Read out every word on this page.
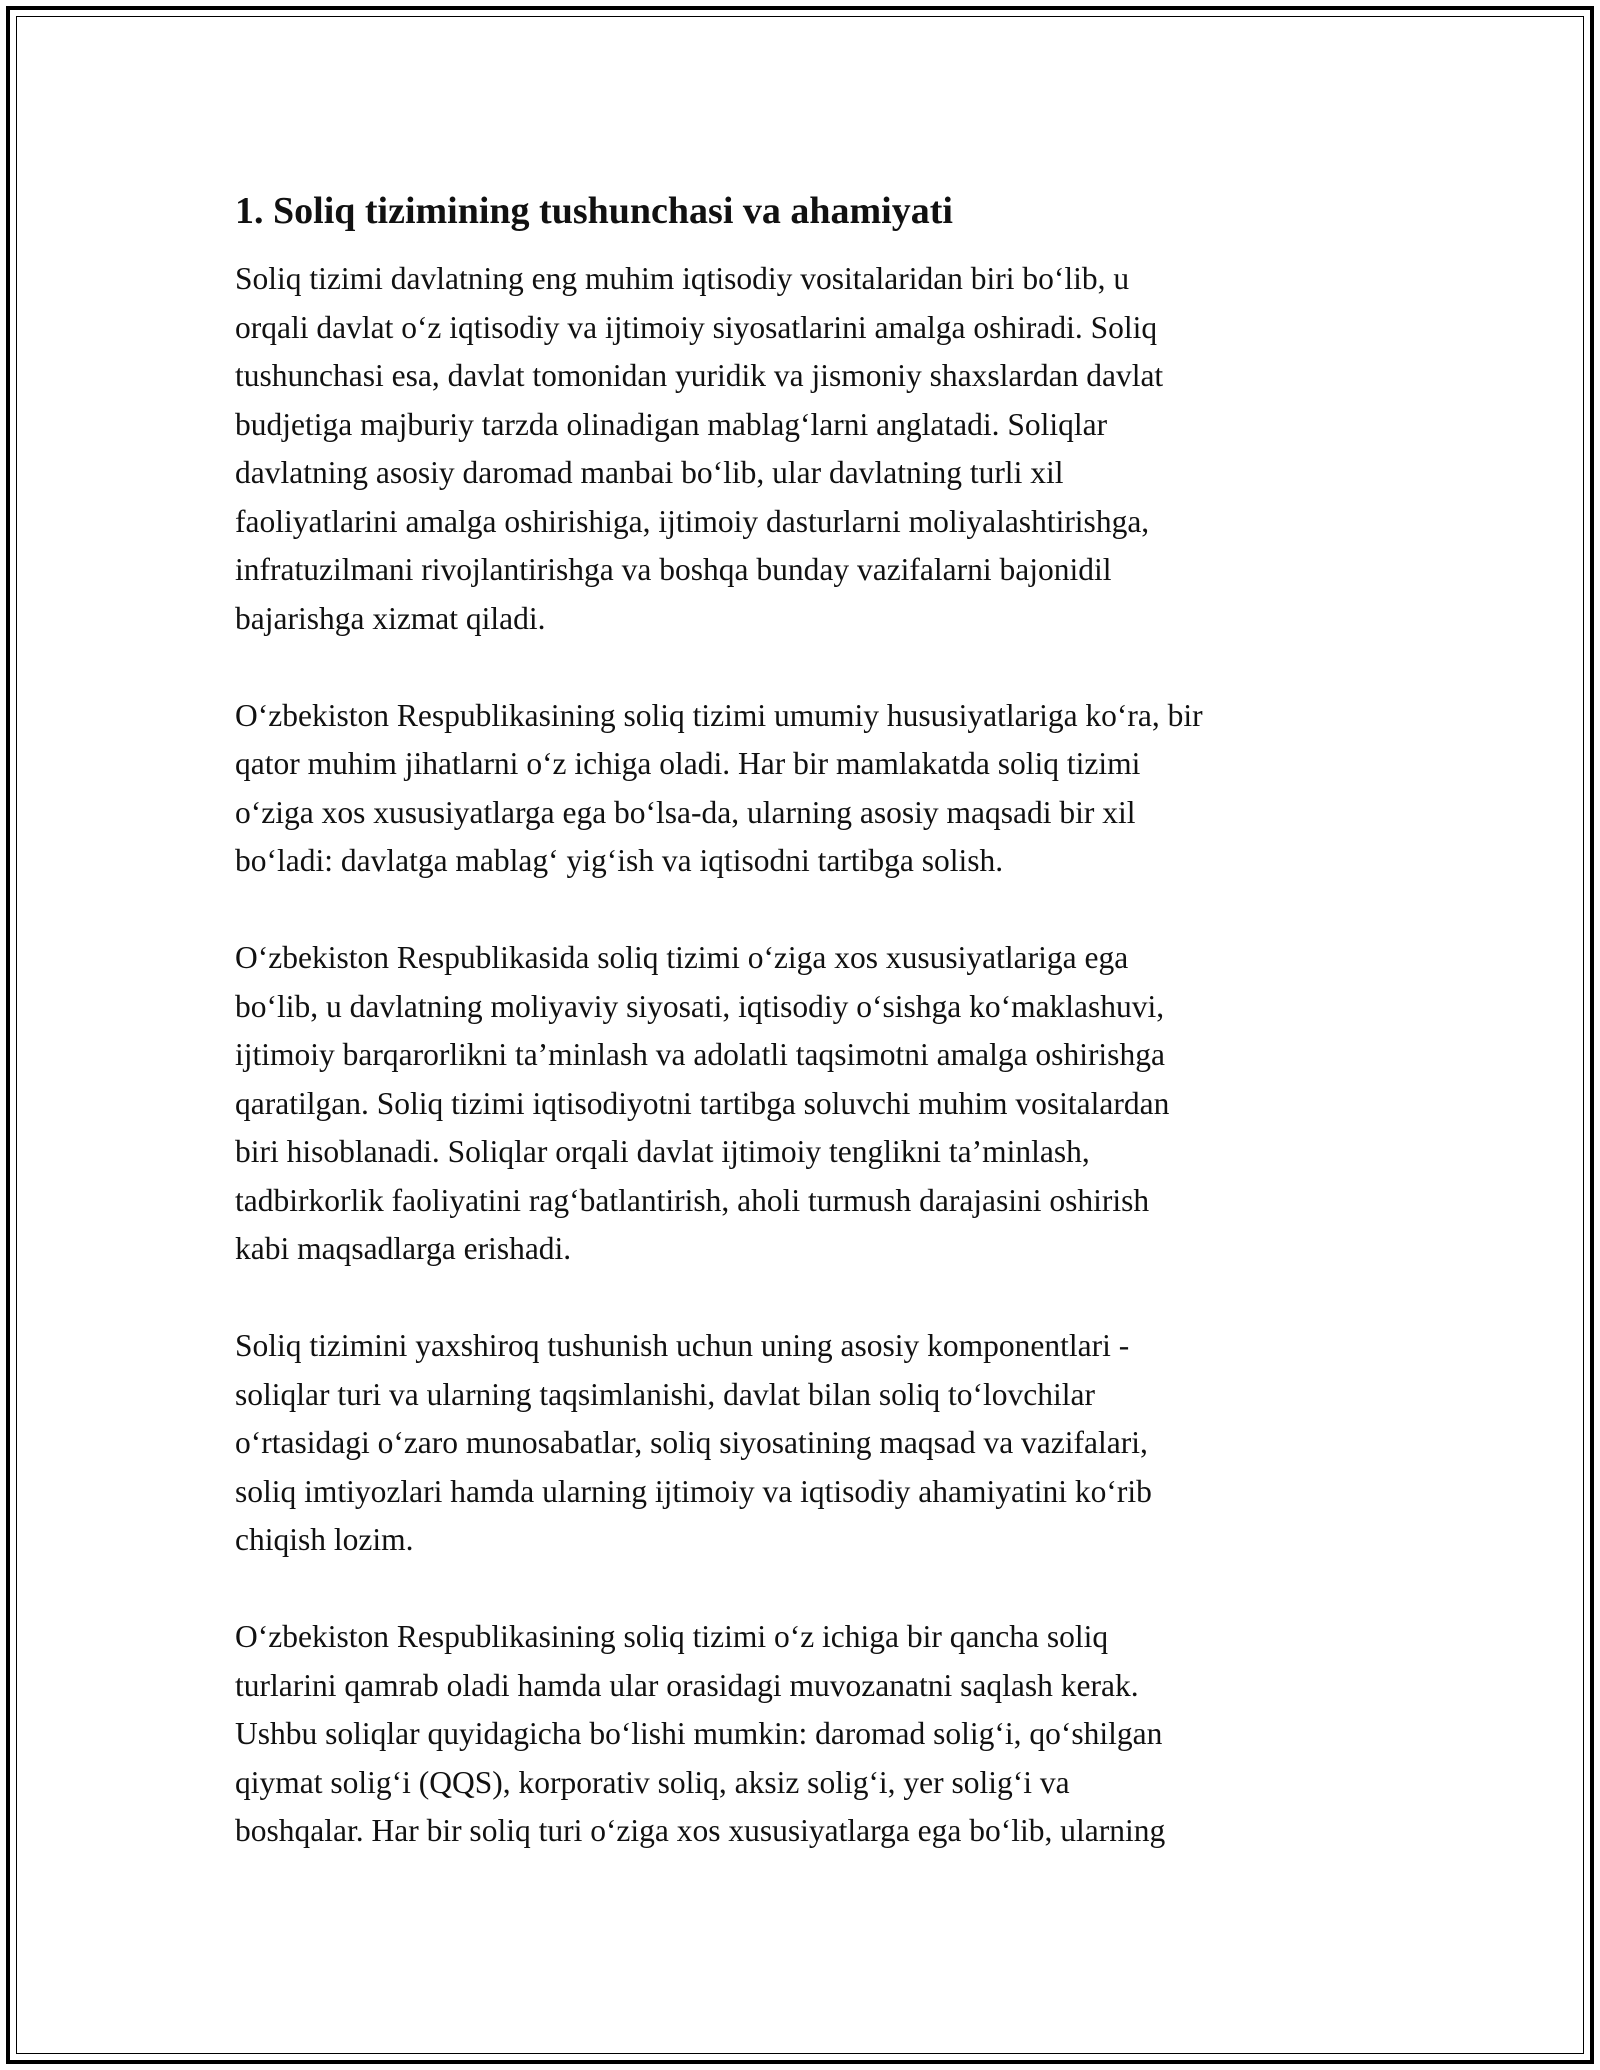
1. Soliq tizimining tushunchasi va ahamiyati

Soliq tizimi davlatning eng muhim iqtisodiy vositalaridan biri bo‘lib, u
orqali davlat o‘z iqtisodiy va ijtimoiy siyosatlarini amalga oshiradi. Soliq
tushunchasi esa, davlat tomonidan yuridik va jismoniy shaxslardan davlat
budjetiga majburiy tarzda olinadigan mablag‘larni anglatadi. Soliqlar
davlatning asosiy daromad manbai bo‘lib, ular davlatning turli xil
faoliyatlarini amalga oshirishiga, ijtimoiy dasturlarni moliyalashtirishga,
infratuzilmani rivojlantirishga va boshqa bunday vazifalarni bajonidil
bajarishga xizmat qiladi.

O‘zbekiston Respublikasining soliq tizimi umumiy hususiyatlariga ko‘ra, bir
qator muhim jihatlarni o‘z ichiga oladi. Har bir mamlakatda soliq tizimi
o‘ziga xos xususiyatlarga ega bo‘lsa-da, ularning asosiy maqsadi bir xil
bo‘ladi: davlatga mablag‘ yig‘ish va iqtisodni tartibga solish.

O‘zbekiston Respublikasida soliq tizimi o‘ziga xos xususiyatlariga ega
bo‘lib, u davlatning moliyaviy siyosati, iqtisodiy o‘sishga ko‘maklashuvi,
ijtimoiy barqarorlikni ta’minlash va adolatli taqsimotni amalga oshirishga
qaratilgan. Soliq tizimi iqtisodiyotni tartibga soluvchi muhim vositalardan
biri hisoblanadi. Soliqlar orqali davlat ijtimoiy tenglikni ta’minlash,
tadbirkorlik faoliyatini rag‘batlantirish, aholi turmush darajasini oshirish
kabi maqsadlarga erishadi.

Soliq tizimini yaxshiroq tushunish uchun uning asosiy komponentlari -
soliqlar turi va ularning taqsimlanishi, davlat bilan soliq to‘lovchilar
o‘rtasidagi o‘zaro munosabatlar, soliq siyosatining maqsad va vazifalari,
soliq imtiyozlari hamda ularning ijtimoiy va iqtisodiy ahamiyatini ko‘rib
chiqish lozim.

O‘zbekiston Respublikasining soliq tizimi o‘z ichiga bir qancha soliq
turlarini qamrab oladi hamda ular orasidagi muvozanatni saqlash kerak.
Ushbu soliqlar quyidagicha bo‘lishi mumkin: daromad solig‘i, qo‘shilgan
qiymat solig‘i (QQS), korporativ soliq, aksiz solig‘i, yer solig‘i va
boshqalar. Har bir soliq turi o‘ziga xos xususiyatlarga ega bo‘lib, ularning
